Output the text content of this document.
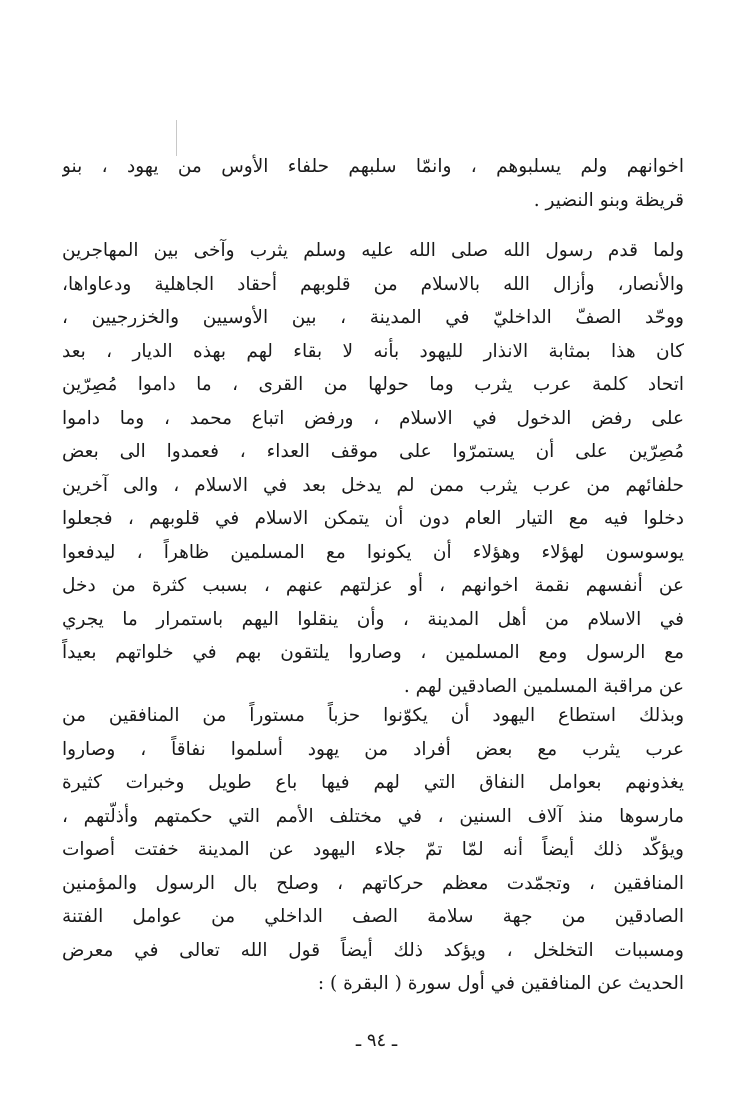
اخوانهم ولم يسلبوهم ، وانمّا سلبهم حلفاء الأوس من يهود ، بنو
قريظة وبنو النضير .
ولما قدم رسول الله صلى الله عليه وسلم يثرب وآخى بين المهاجرين
والأنصار، وأزال الله بالاسلام من قلوبهم أحقاد الجاهلية ودعاواها،
ووحّد الصفّ الداخليّ في المدينة ، بين الأوسيين والخزرجيين ،
كان هذا بمثابة الانذار لليهود بأنه لا بقاء لهم بهذه الديار ، بعد
اتحاد كلمة عرب يثرب وما حولها من القرى ، ما داموا مُصِرّين
على رفض الدخول في الاسلام ، ورفض اتباع محمد ، وما داموا
مُصِرّين على أن يستمرّوا على موقف العداء ، فعمدوا الى بعض
حلفائهم من عرب يثرب ممن لم يدخل بعد في الاسلام ، والى آخرين
دخلوا فيه مع التيار العام دون أن يتمكن الاسلام في قلوبهم ، فجعلوا
يوسوسون لهؤلاء وهؤلاء أن يكونوا مع المسلمين ظاهراً ، ليدفعوا
عن أنفسهم نقمة اخوانهم ، أو عزلتهم عنهم ، بسبب كثرة من دخل
في الاسلام من أهل المدينة ، وأن ينقلوا اليهم باستمرار ما يجري
مع الرسول ومع المسلمين ، وصاروا يلتقون بهم في خلواتهم بعيداً
عن مراقبة المسلمين الصادقين لهم .
وبذلك استطاع اليهود أن يكوّنوا حزباً مستوراً من المنافقين من
عرب يثرب مع بعض أفراد من يهود أسلموا نفاقاً ، وصاروا
يغذونهم بعوامل النفاق التي لهم فيها باع طويل وخبرات كثيرة
مارسوها منذ آلاف السنين ، في مختلف الأمم التي حكمتهم وأذلّتهم ،
ويؤكّد ذلك أيضاً أنه لمّا تمّ جلاء اليهود عن المدينة خفتت أصوات
المنافقين ، وتجمّدت معظم حركاتهم ، وصلح بال الرسول والمؤمنين
الصادقين من جهة سلامة الصف الداخلي من عوامل الفتنة
ومسببات التخلخل ، ويؤكد ذلك أيضاً قول الله تعالى في معرض
الحديث عن المنافقين في أول سورة ( البقرة ) :
ـ ٩٤ ـ
